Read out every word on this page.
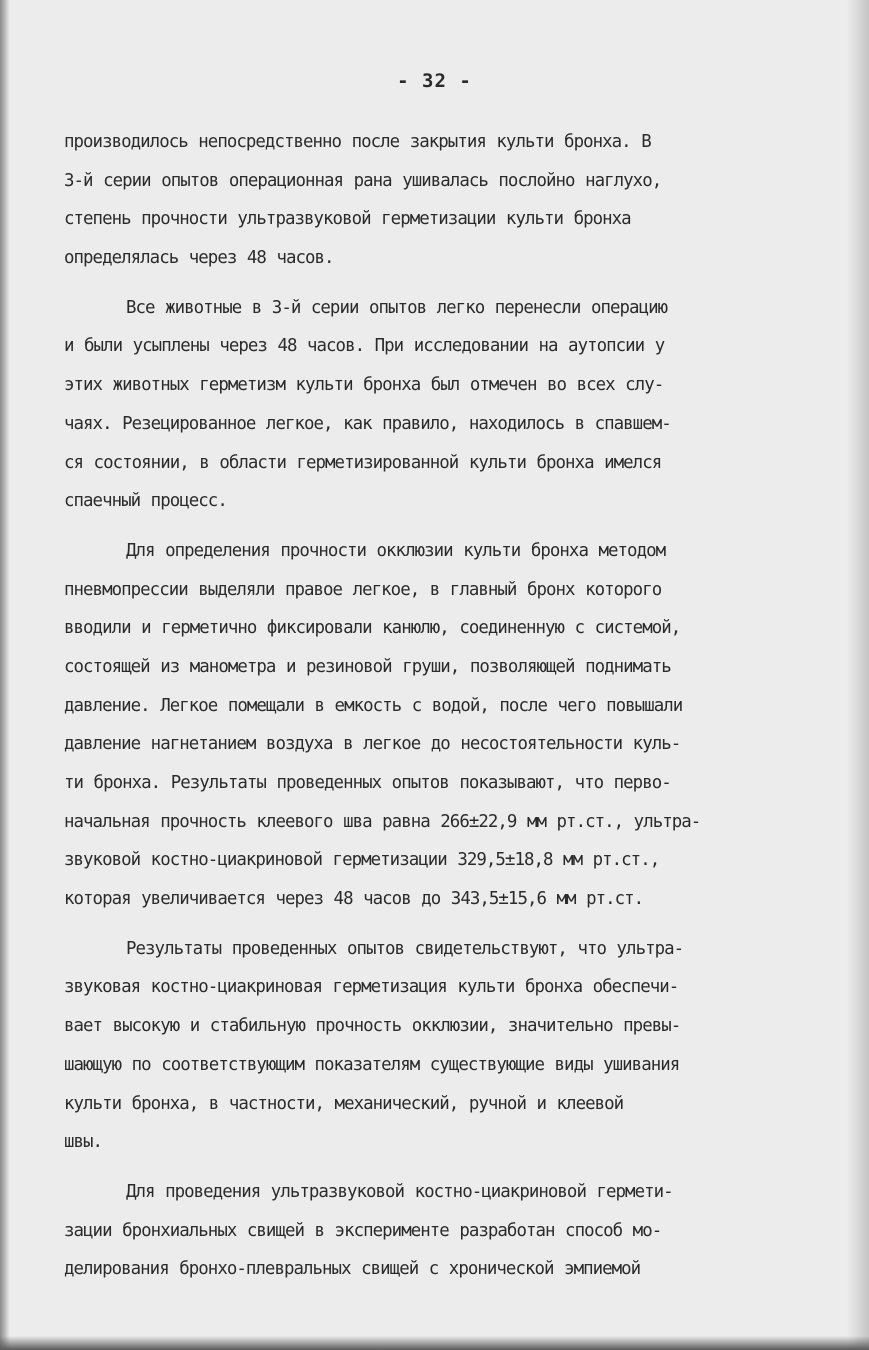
- 32 -
производилось непосредственно после закрытия культи бронха. В
3-й серии опытов операционная рана ушивалась послойно наглухо,
степень прочности ультразвуковой герметизации культи бронха
определялась через 48 часов.
Все животные в 3-й серии опытов легко перенесли операцию
и были усыплены через 48 часов. При исследовании на аутопсии у
этих животных герметизм культи бронха был отмечен во всех слу-
чаях. Резецированное легкое, как правило, находилось в спавшем-
ся состоянии, в области герметизированной культи бронха имелся
спаечный процесс.
Для определения прочности окклюзии культи бронха методом
пневмопрессии выделяли правое легкое, в главный бронх которого
вводили и герметично фиксировали канюлю, соединенную с системой,
состоящей из манометра и резиновой груши, позволяющей поднимать
давление. Легкое помещали в емкость с водой, после чего повышали
давление нагнетанием воздуха в легкое до несостоятельности куль-
ти бронха. Результаты проведенных опытов показывают, что перво-
начальная прочность клеевого шва равна 266±22,9 мм рт.ст., ультра-
звуковой костно-циакриновой герметизации 329,5±18,8 мм рт.ст.,
которая увеличивается через 48 часов до 343,5±15,6 мм рт.ст.
Результаты проведенных опытов свидетельствуют, что ультра-
звуковая костно-циакриновая герметизация культи бронха обеспечи-
вает высокую и стабильную прочность окклюзии, значительно превы-
шающую по соответствующим показателям существующие виды ушивания
культи бронха, в частности, механический, ручной и клеевой
швы.
Для проведения ультразвуковой костно-циакриновой гермети-
зации бронхиальных свищей в эксперименте разработан способ мо-
делирования бронхо-плевральных свищей с хронической эмпиемой
